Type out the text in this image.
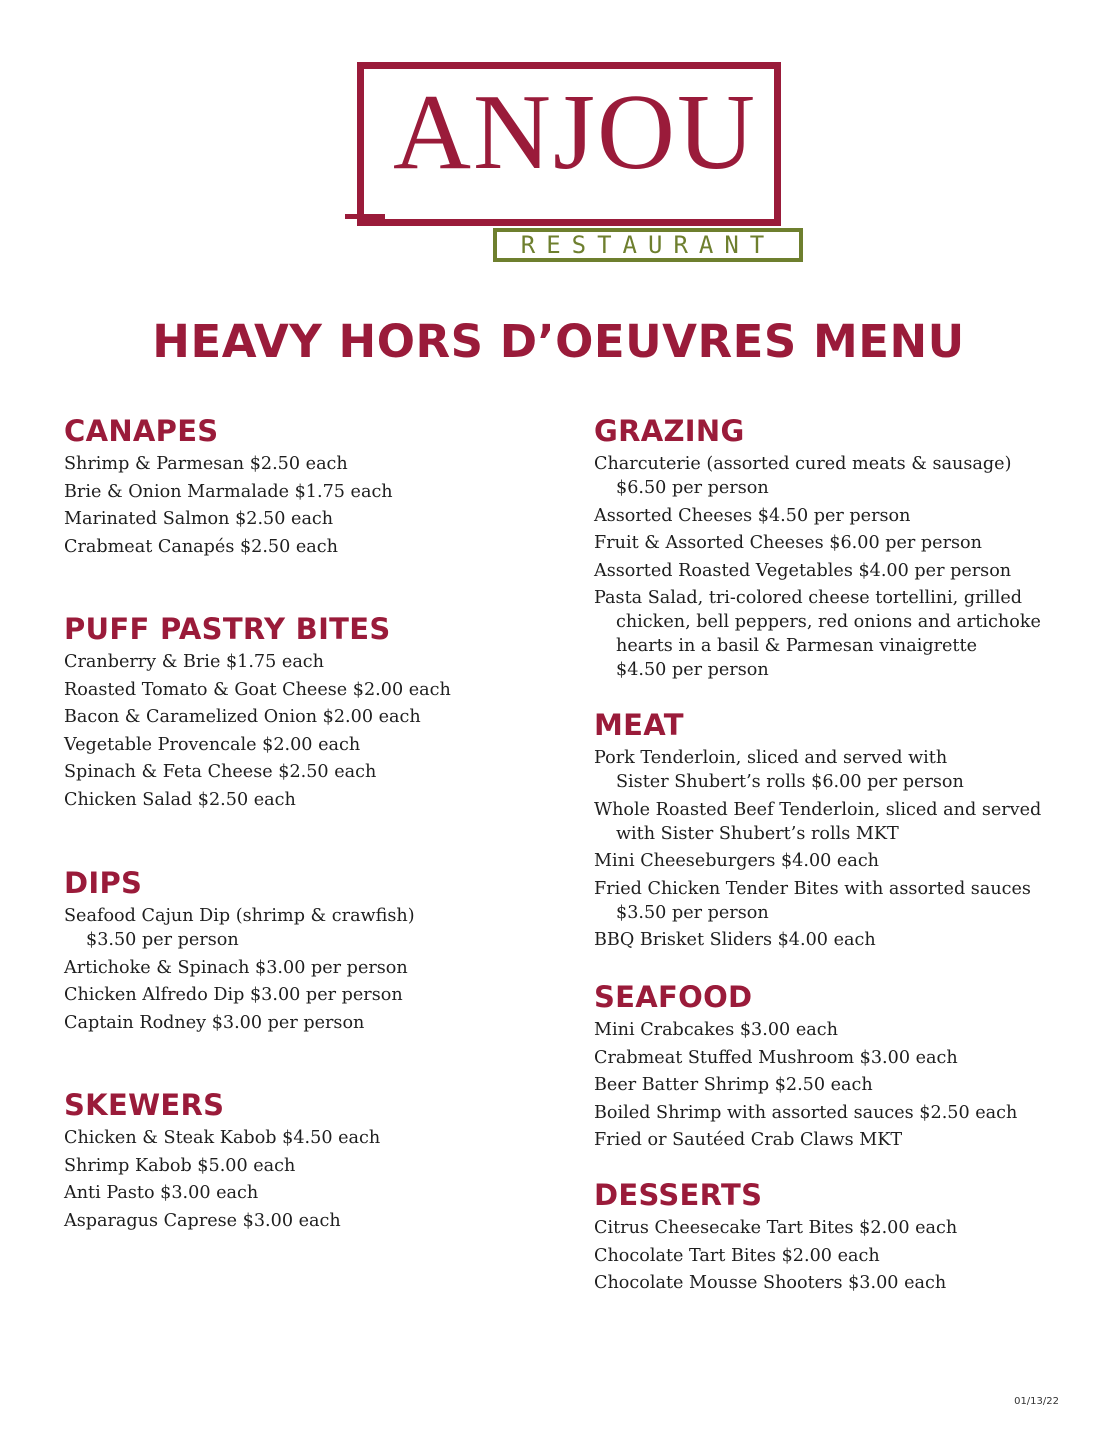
ANJOU
RESTAURANT
HEAVY HORS D’OEUVRES MENU
CANAPES
Shrimp & Parmesan $2.50 each
Brie & Onion Marmalade $1.75 each
Marinated Salmon $2.50 each
Crabmeat Canapés $2.50 each
PUFF PASTRY BITES
Cranberry & Brie $1.75 each
Roasted Tomato & Goat Cheese $2.00 each
Bacon & Caramelized Onion $2.00 each
Vegetable Provencale $2.00 each
Spinach & Feta Cheese $2.50 each
Chicken Salad $2.50 each
DIPS
Seafood Cajun Dip (shrimp & crawfish)
$3.50 per person
Artichoke & Spinach $3.00 per person
Chicken Alfredo Dip $3.00 per person
Captain Rodney $3.00 per person
SKEWERS
Chicken & Steak Kabob $4.50 each
Shrimp Kabob $5.00 each
Anti Pasto $3.00 each
Asparagus Caprese $3.00 each
GRAZING
Charcuterie (assorted cured meats & sausage)
$6.50 per person
Assorted Cheeses $4.50 per person
Fruit & Assorted Cheeses $6.00 per person
Assorted Roasted Vegetables $4.00 per person
Pasta Salad, tri-colored cheese tortellini, grilled
chicken, bell peppers, red onions and artichoke
hearts in a basil & Parmesan vinaigrette
$4.50 per person
MEAT
Pork Tenderloin, sliced and served with
Sister Shubert’s rolls $6.00 per person
Whole Roasted Beef Tenderloin, sliced and served
with Sister Shubert’s rolls MKT
Mini Cheeseburgers $4.00 each
Fried Chicken Tender Bites with assorted sauces
$3.50 per person
BBQ Brisket Sliders $4.00 each
SEAFOOD
Mini Crabcakes $3.00 each
Crabmeat Stuffed Mushroom $3.00 each
Beer Batter Shrimp $2.50 each
Boiled Shrimp with assorted sauces $2.50 each
Fried or Sautéed Crab Claws MKT
DESSERTS
Citrus Cheesecake Tart Bites $2.00 each
Chocolate Tart Bites $2.00 each
Chocolate Mousse Shooters $3.00 each
01/13/22
